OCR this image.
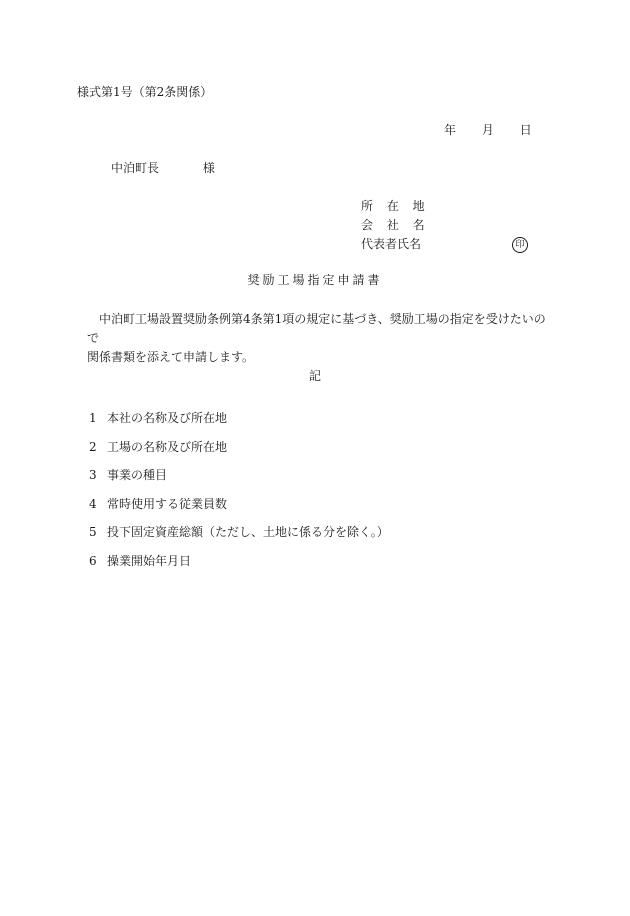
様式第1号（第2条関係）
年 月 日
中泊町長	様
所 在 地
会 社 名
代表者氏名	印
奨励工場指定申請書

中泊町工場設置奨励条例第4条第1項の規定に基づき、奨励工場の指定を受けたいので

関係書類を添えて申請します。

記
1 本社の名称及び所在地
2 工場の名称及び所在地
3 事業の種目
4 常時使用する従業員数
5 投下固定資産総額（ただし、土地に係る分を除く。）
6 操業開始年月日
